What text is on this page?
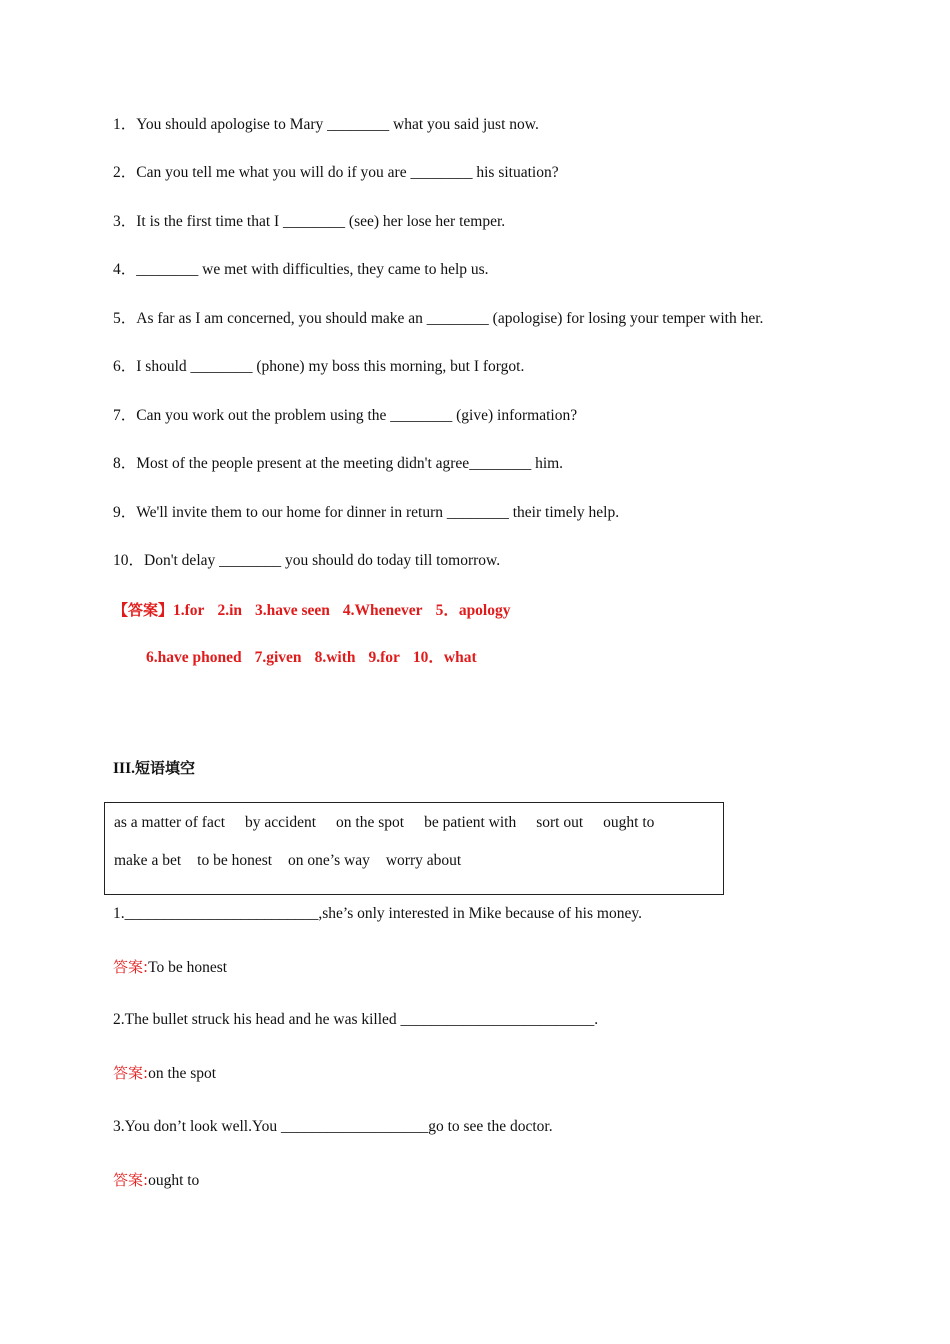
1．You should apologise to Mary ________ what you said just now.
2．Can you tell me what you will do if you are ________ his situation?
3．It is the first time that I ________ (see) her lose her temper.
4．________ we met with difficulties, they came to help us.
5．As far as I am concerned, you should make an ________ (apologise) for losing your temper with her.
6．I should ________ (phone) my boss this morning, but I forgot.
7．Can you work out the problem using the ________ (give) information?
8．Most of the people present at the meeting didn't agree________ him.
9．We'll invite them to our home for dinner in return ________ their timely help.
10．Don't delay ________ you should do today till tomorrow.
【答案】1.for 2.in 3.have seen 4.Whenever 5．apology
6.have phoned 7.given 8.with 9.for 10．what
III.短语填空
as a matter of fact by accident on the spot be patient with sort out ought to
make a bet to be honest on one’s way worry about
1._________________________,she’s only interested in Mike because of his money.
答案:To be honest
2.The bullet struck his head and he was killed _________________________.
答案:on the spot
3.You don’t look well.You ___________________go to see the doctor.
答案:ought to
